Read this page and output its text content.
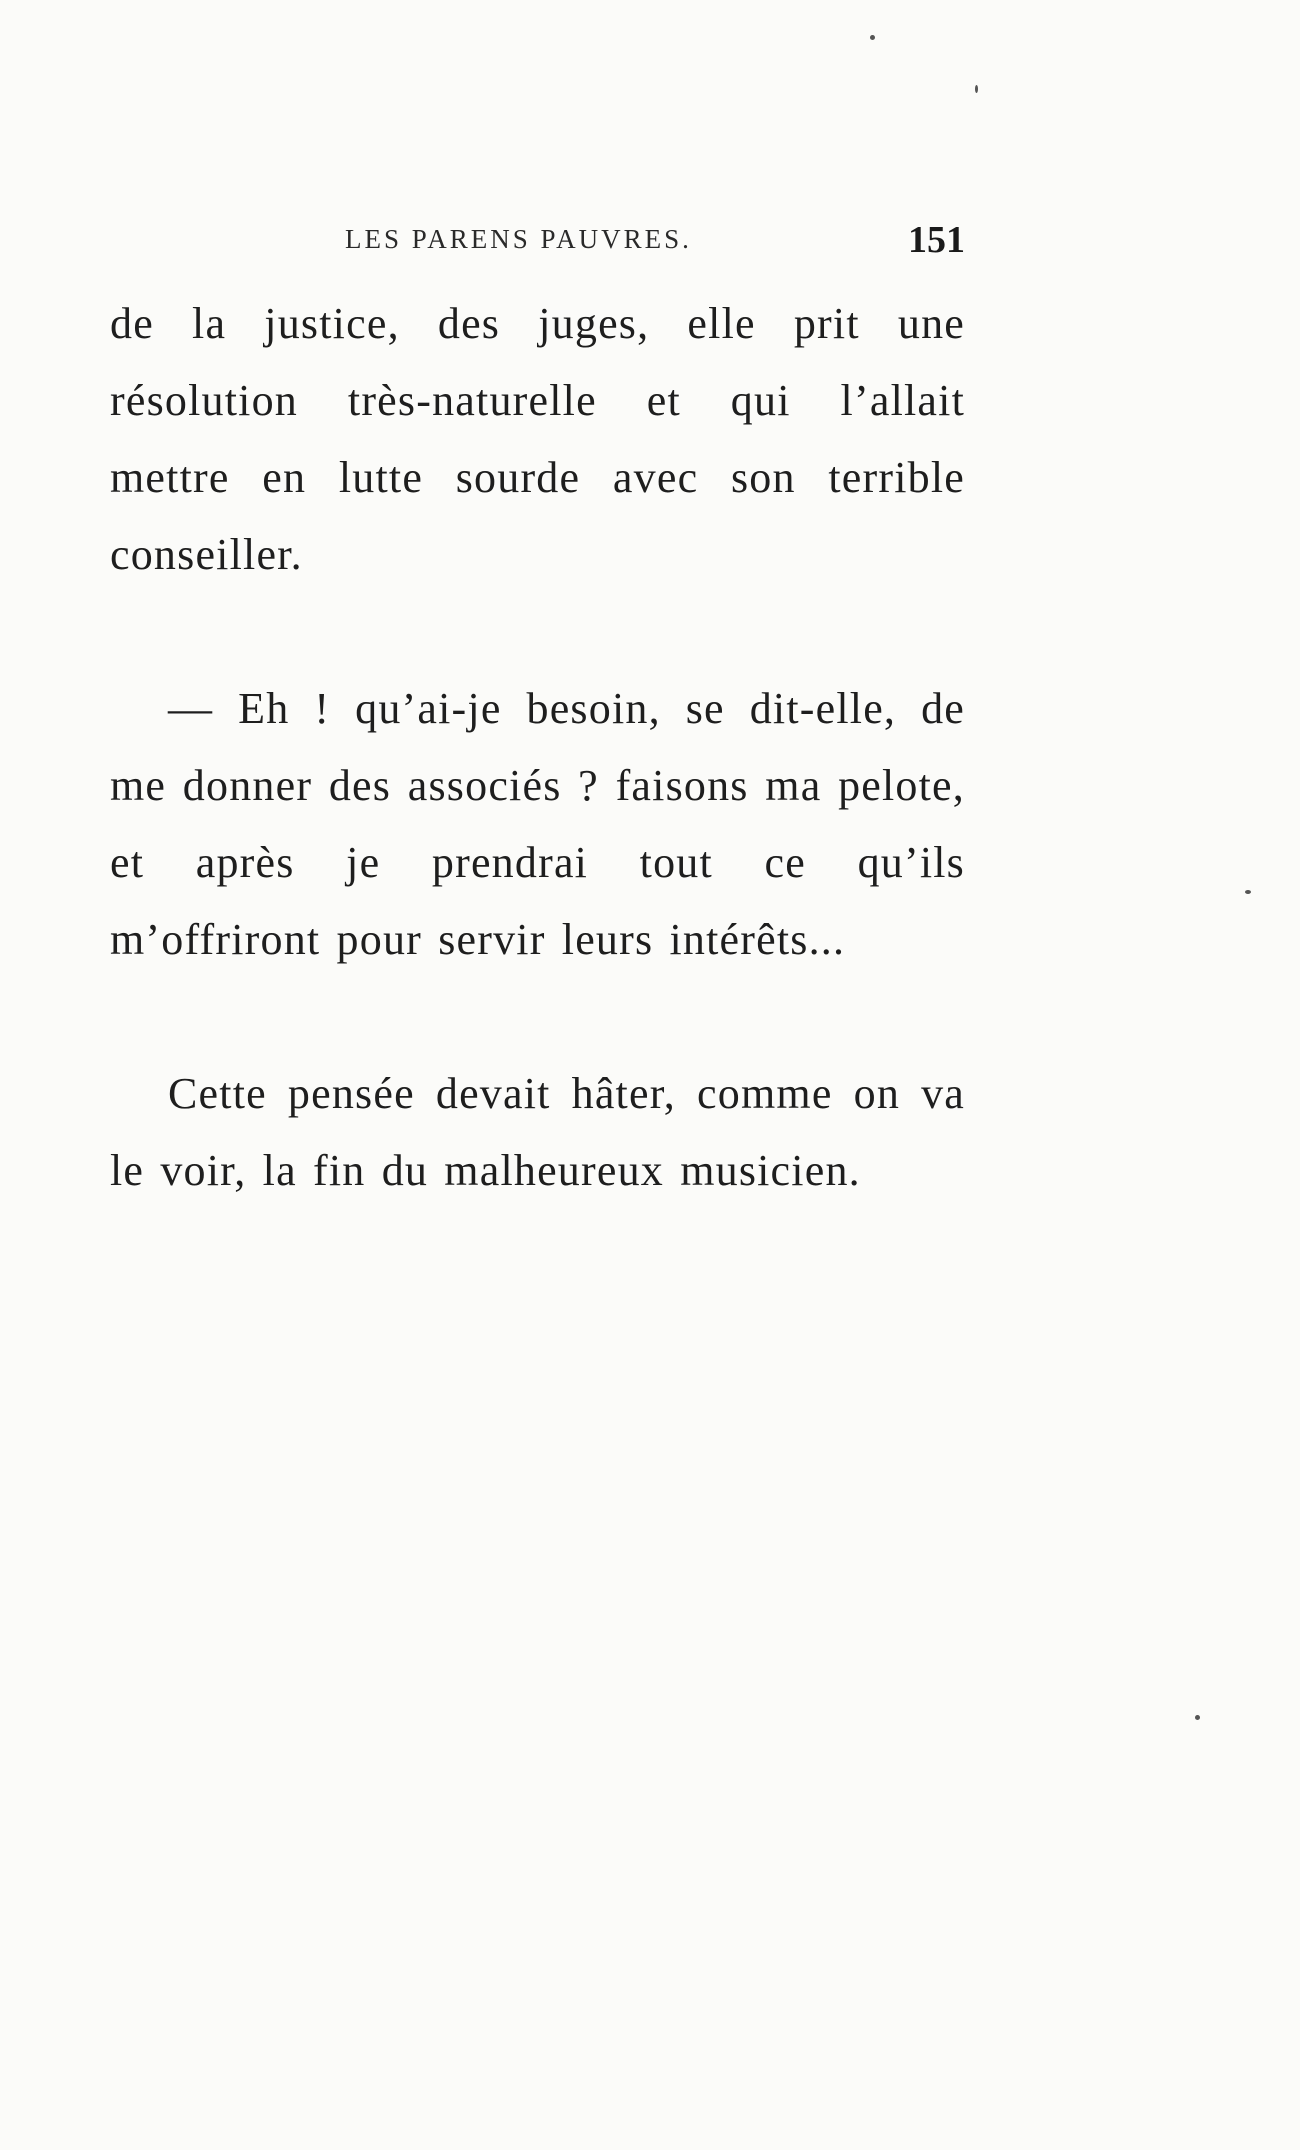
LES PARENS PAUVRES.	151

de la justice, des juges, elle prit une résolution très-naturelle et qui l’allait mettre en lutte sourde avec son terrible conseiller.

— Eh ! qu’ai-je besoin, se dit-elle, de me donner des associés ? faisons ma pelote, et après je prendrai tout ce qu’ils m’offriront pour servir leurs intérêts...

Cette pensée devait hâter, comme on va le voir, la fin du malheureux musicien.
